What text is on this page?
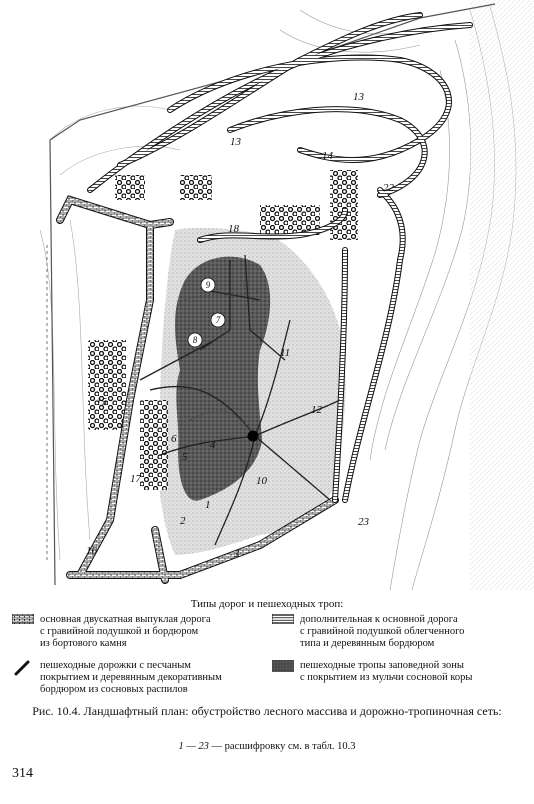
9
7
8
1
2
3
4
5
6
10
11
12
13
13
14
15
16
17
18
22
23
Типы дорог и пешеходных троп:
основная двускатная выпуклая дорога
с гравийной подушкой и бордюром
из бортового камня
дополнительная к основной дорога
с гравийной подушкой облегченного
типа и деревянным бордюром
пешеходные дорожки с песчаным
покрытием и деревянным декоративным
бордюром из сосновых распилов
пешеходные тропы заповедной зоны
с покрытием из мульчи сосновой коры
Рис. 10.4. Ландшафтный план: обустройство лесного массива и дорожно-тропиночная сеть:
1 — 23 — расшифровку см. в табл. 10.3
314
